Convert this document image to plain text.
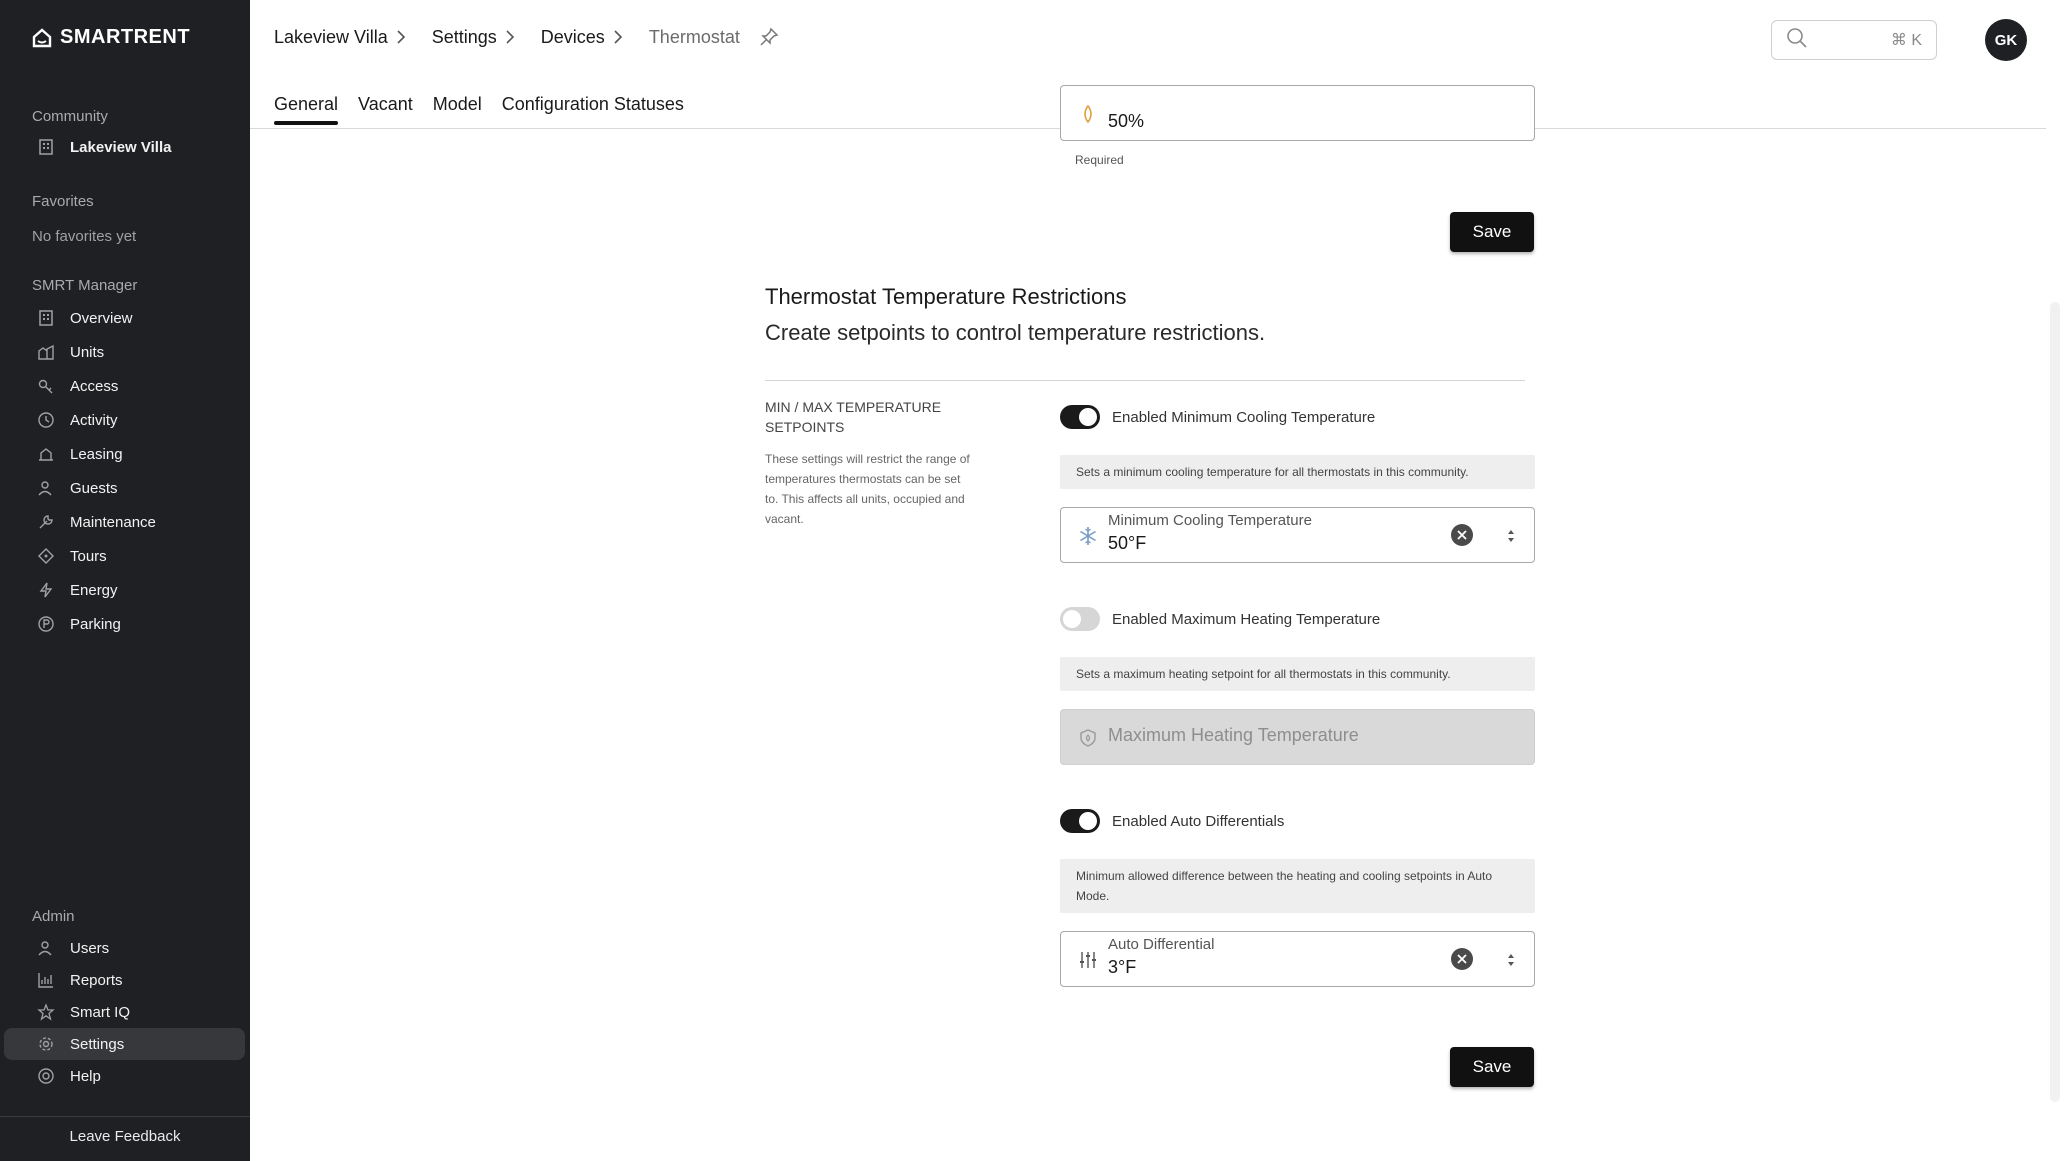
SMARTRENT
Community
Lakeview Villa
Favorites
No favorites yet
SMRT Manager
Overview
Units
Access
Activity
Leasing
Guests
Maintenance
Tours
Energy
Parking
Admin
Users
Reports
Smart IQ
Settings
Help
Leave Feedback
Lakeview Villa Settings Devices Thermostat	⌘ K	GK
General Vacant Model Configuration Statuses
50%
Required
Save
Thermostat Temperature Restrictions
Create setpoints to control temperature restrictions.
MIN / MAX TEMPERATURE SETPOINTS
These settings will restrict the range of temperatures thermostats can be set to. This affects all units, occupied and vacant.
Enabled Minimum Cooling Temperature
Sets a minimum cooling temperature for all thermostats in this community.
Minimum Cooling Temperature
50°F
Enabled Maximum Heating Temperature
Sets a maximum heating setpoint for all thermostats in this community.
Maximum Heating Temperature
Enabled Auto Differentials
Minimum allowed difference between the heating and cooling setpoints in Auto Mode.
Auto Differential
3°F
Save
